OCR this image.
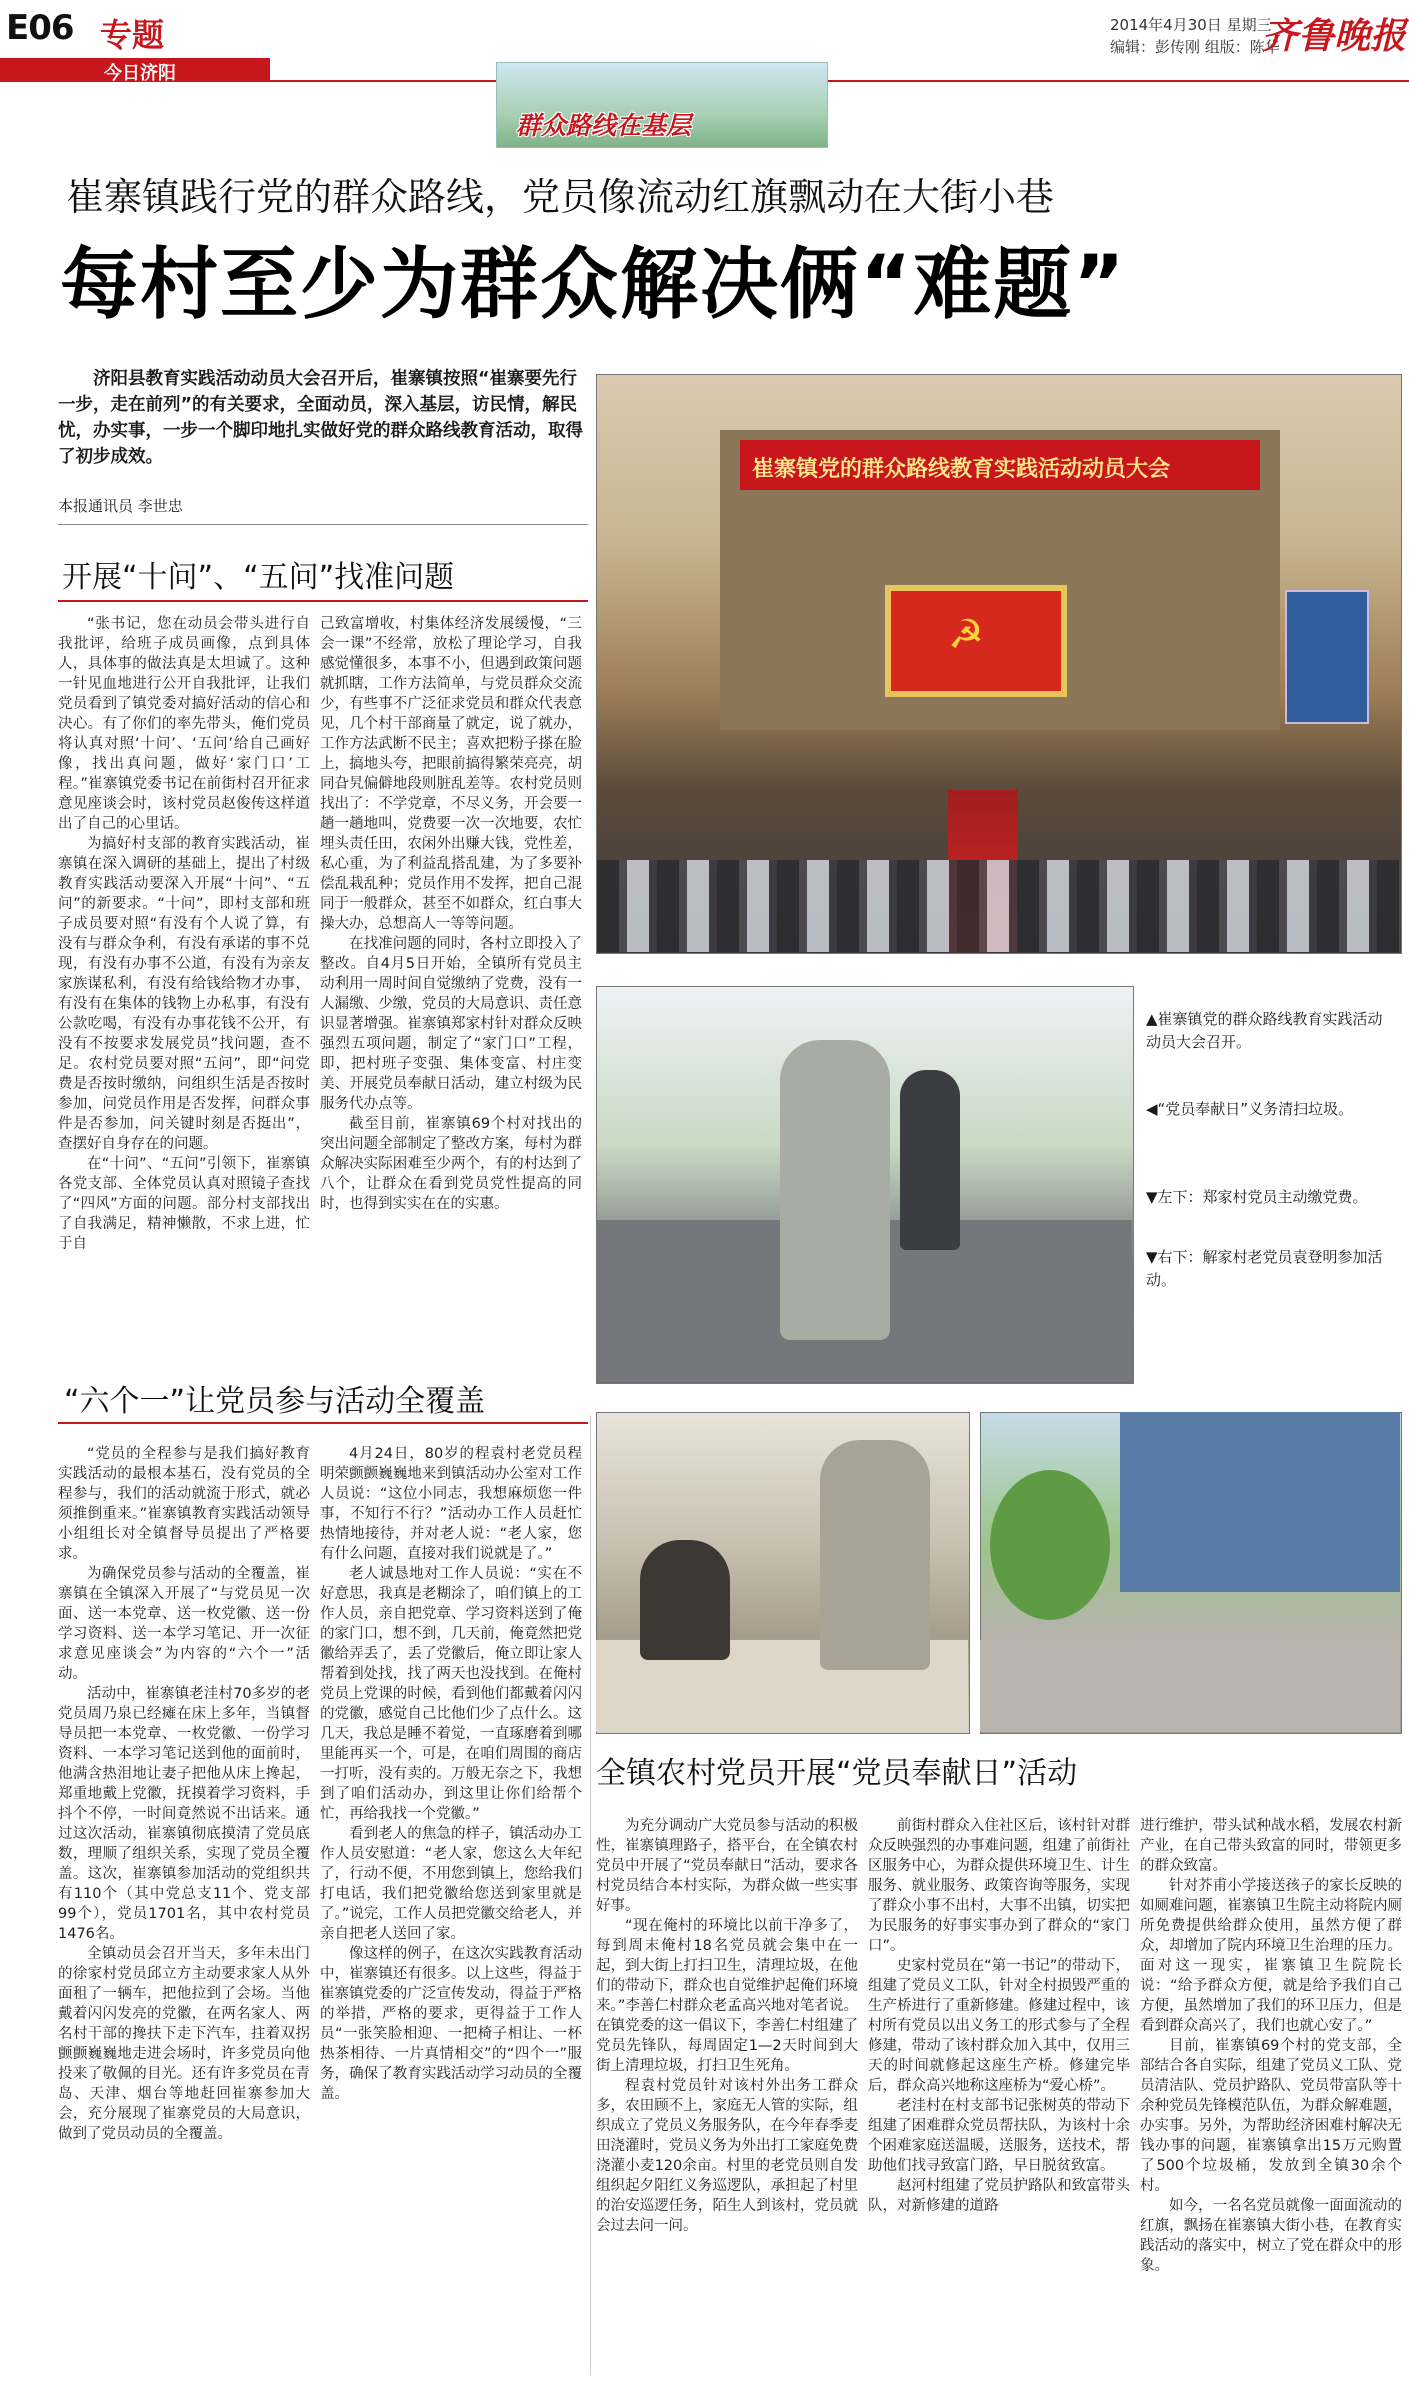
E06 专题
今日济阳
2014年4月30日 星期三
编辑：彭传刚 组版：陈华
齐鲁晚报
群众路线在基层
崔寨镇践行党的群众路线，党员像流动红旗飘动在大街小巷
每村至少为群众解决俩“难题”
济阳县教育实践活动动员大会召开后，崔寨镇按照“崔寨要先行一步，走在前列”的有关要求，全面动员，深入基层，访民情，解民忧，办实事，一步一个脚印地扎实做好党的群众路线教育活动，取得了初步成效。
本报通讯员 李世忠
开展“十问”、“五问”找准问题

“张书记，您在动员会带头进行自我批评，给班子成员画像，点到具体人，具体事的做法真是太坦诚了。这种一针见血地进行公开自我批评，让我们党员看到了镇党委对搞好活动的信心和决心。有了你们的率先带头，俺们党员将认真对照‘十问’、‘五问’给自己画好像，找出真问题，做好‘家门口’工程。”崔寨镇党委书记在前街村召开征求意见座谈会时，该村党员赵俊传这样道出了自己的心里话。

为搞好村支部的教育实践活动，崔寨镇在深入调研的基础上，提出了村级教育实践活动要深入开展“十问”、“五问”的新要求。“十问”，即村支部和班子成员要对照“有没有个人说了算，有没有与群众争利，有没有承诺的事不兑现，有没有办事不公道，有没有为亲友家族谋私利，有没有给钱给物才办事，有没有在集体的钱物上办私事，有没有公款吃喝，有没有办事花钱不公开，有没有不按要求发展党员”找问题，查不足。农村党员要对照“五问”，即“问党费是否按时缴纳，问组织生活是否按时参加，问党员作用是否发挥，问群众事件是否参加，问关键时刻是否挺出”，查摆好自身存在的问题。

在“十问”、“五问”引领下，崔寨镇各党支部、全体党员认真对照镜子查找了“四风”方面的问题。部分村支部找出了自我满足，精神懒散，不求上进，忙于自

己致富增收，村集体经济发展缓慢，“三会一课”不经常，放松了理论学习，自我感觉懂很多，本事不小，但遇到政策问题就抓瞎，工作方法简单，与党员群众交流少，有些事不广泛征求党员和群众代表意见，几个村干部商量了就定，说了就办，工作方法武断不民主；喜欢把粉子搽在脸上，搞地头夸，把眼前搞得繁荣亮亮，胡同旮旯偏僻地段则脏乱差等。农村党员则找出了：不学党章，不尽义务，开会要一趟一趟地叫，党费要一次一次地要，农忙埋头责任田，农闲外出赚大钱，党性差，私心重，为了利益乱搭乱建，为了多要补偿乱栽乱种；党员作用不发挥，把自己混同于一般群众，甚至不如群众，红白事大操大办，总想高人一等等问题。

在找准问题的同时，各村立即投入了整改。自4月5日开始，全镇所有党员主动利用一周时间自觉缴纳了党费，没有一人漏缴、少缴，党员的大局意识、责任意识显著增强。崔寨镇郑家村针对群众反映强烈五项问题，制定了“家门口”工程，即，把村班子变强、集体变富、村庄变美、开展党员奉献日活动，建立村级为民服务代办点等。

截至目前，崔寨镇69个村对找出的突出问题全部制定了整改方案，每村为群众解决实际困难至少两个，有的村达到了八个，让群众在看到党员党性提高的同时，也得到实实在在的实惠。

“六个一”让党员参与活动全覆盖

“党员的全程参与是我们搞好教育实践活动的最根本基石，没有党员的全程参与，我们的活动就流于形式，就必须推倒重来。”崔寨镇教育实践活动领导小组组长对全镇督导员提出了严格要求。

为确保党员参与活动的全覆盖，崔寨镇在全镇深入开展了“与党员见一次面、送一本党章、送一枚党徽、送一份学习资料、送一本学习笔记、开一次征求意见座谈会”为内容的“六个一”活动。

活动中，崔寨镇老洼村70多岁的老党员周乃泉已经瘫在床上多年，当镇督导员把一本党章、一枚党徽、一份学习资料、一本学习笔记送到他的面前时，他满含热泪地让妻子把他从床上搀起，郑重地戴上党徽，抚摸着学习资料，手抖个不停，一时间竟然说不出话来。通过这次活动，崔寨镇彻底摸清了党员底数，理顺了组织关系，实现了党员全覆盖。这次，崔寨镇参加活动的党组织共有110个（其中党总支11个、党支部99个），党员1701名，其中农村党员1476名。

全镇动员会召开当天，多年未出门的徐家村党员邱立方主动要求家人从外面租了一辆车，把他拉到了会场。当他戴着闪闪发亮的党徽，在两名家人、两名村干部的搀扶下走下汽车，拄着双拐颤颤巍巍地走进会场时，许多党员向他投来了敬佩的目光。还有许多党员在青岛、天津、烟台等地赶回崔寨参加大会，充分展现了崔寨党员的大局意识，做到了党员动员的全覆盖。

4月24日，80岁的程袁村老党员程明荣颤颤巍巍地来到镇活动办公室对工作人员说：“这位小同志，我想麻烦您一件事，不知行不行？”活动办工作人员赶忙热情地接待，并对老人说：“老人家，您有什么问题，直接对我们说就是了。”

老人诚恳地对工作人员说：“实在不好意思，我真是老糊涂了，咱们镇上的工作人员，亲自把党章、学习资料送到了俺的家门口，想不到，几天前，俺竟然把党徽给弄丢了，丢了党徽后，俺立即让家人帮着到处找，找了两天也没找到。在俺村党员上党课的时候，看到他们都戴着闪闪的党徽，感觉自己比他们少了点什么。这几天，我总是睡不着觉，一直琢磨着到哪里能再买一个，可是，在咱们周围的商店一打听，没有卖的。万般无奈之下，我想到了咱们活动办，到这里让你们给帮个忙，再给我找一个党徽。”

看到老人的焦急的样子，镇活动办工作人员安慰道：“老人家，您这么大年纪了，行动不便，不用您到镇上，您给我们打电话，我们把党徽给您送到家里就是了。”说完，工作人员把党徽交给老人，并亲自把老人送回了家。

像这样的例子，在这次实践教育活动中，崔寨镇还有很多。以上这些，得益于崔寨镇党委的广泛宣传发动，得益于严格的举措，严格的要求，更得益于工作人员“一张笑脸相迎、一把椅子相让、一杯热茶相待、一片真情相交”的“四个一”服务，确保了教育实践活动学习动员的全覆盖。

全镇农村党员开展“党员奉献日”活动

为充分调动广大党员参与活动的积极性，崔寨镇理路子，搭平台，在全镇农村党员中开展了“党员奉献日”活动，要求各村党员结合本村实际，为群众做一些实事好事。

“现在俺村的环境比以前干净多了，每到周末俺村18名党员就会集中在一起，到大街上打扫卫生，清理垃圾，在他们的带动下，群众也自觉维护起俺们环境来。”李善仁村群众老孟高兴地对笔者说。在镇党委的这一倡议下，李善仁村组建了党员先锋队，每周固定1—2天时间到大街上清理垃圾，打扫卫生死角。

程袁村党员针对该村外出务工群众多，农田顾不上，家庭无人管的实际，组织成立了党员义务服务队，在今年春季麦田浇灌时，党员义务为外出打工家庭免费浇灌小麦120余亩。村里的老党员则自发组织起夕阳红义务巡逻队，承担起了村里的治安巡逻任务，陌生人到该村，党员就会过去问一问。

前街村群众入住社区后，该村针对群众反映强烈的办事难问题，组建了前街社区服务中心，为群众提供环境卫生、计生服务、就业服务、政策咨询等服务，实现了群众小事不出村，大事不出镇，切实把为民服务的好事实事办到了群众的“家门口”。

史家村党员在“第一书记”的带动下，组建了党员义工队，针对全村损毁严重的生产桥进行了重新修建。修建过程中，该村所有党员以出义务工的形式参与了全程修建，带动了该村群众加入其中，仅用三天的时间就修起这座生产桥。修建完毕后，群众高兴地称这座桥为“爱心桥”。

老洼村在村支部书记张树英的带动下组建了困难群众党员帮扶队，为该村十余个困难家庭送温暖，送服务，送技术，帮助他们找寻致富门路，早日脱贫致富。

赵河村组建了党员护路队和致富带头队，对新修建的道路

进行维护，带头试种战水稻，发展农村新产业，在自己带头致富的同时，带领更多的群众致富。

针对芥甫小学接送孩子的家长反映的如厕难问题，崔寨镇卫生院主动将院内厕所免费提供给群众使用，虽然方便了群众，却增加了院内环境卫生治理的压力。面对这一现实，崔寨镇卫生院院长说：“给予群众方便，就是给予我们自己方便，虽然增加了我们的环卫压力，但是看到群众高兴了，我们也就心安了。”

目前，崔寨镇69个村的党支部，全部结合各自实际，组建了党员义工队、党员清洁队、党员护路队、党员带富队等十余种党员先锋模范队伍，为群众解难题，办实事。另外，为帮助经济困难村解决无钱办事的问题，崔寨镇拿出15万元购置了500个垃圾桶，发放到全镇30余个村。

如今，一名名党员就像一面面流动的红旗，飘扬在崔寨镇大街小巷，在教育实践活动的落实中，树立了党在群众中的形象。

崔寨镇党的群众路线教育实践活动动员大会
☭
▲崔寨镇党的群众路线教育实践活动动员大会召开。
◀“党员奉献日”义务清扫垃圾。
▼左下：郑家村党员主动缴党费。
▼右下：解家村老党员袁登明参加活动。
